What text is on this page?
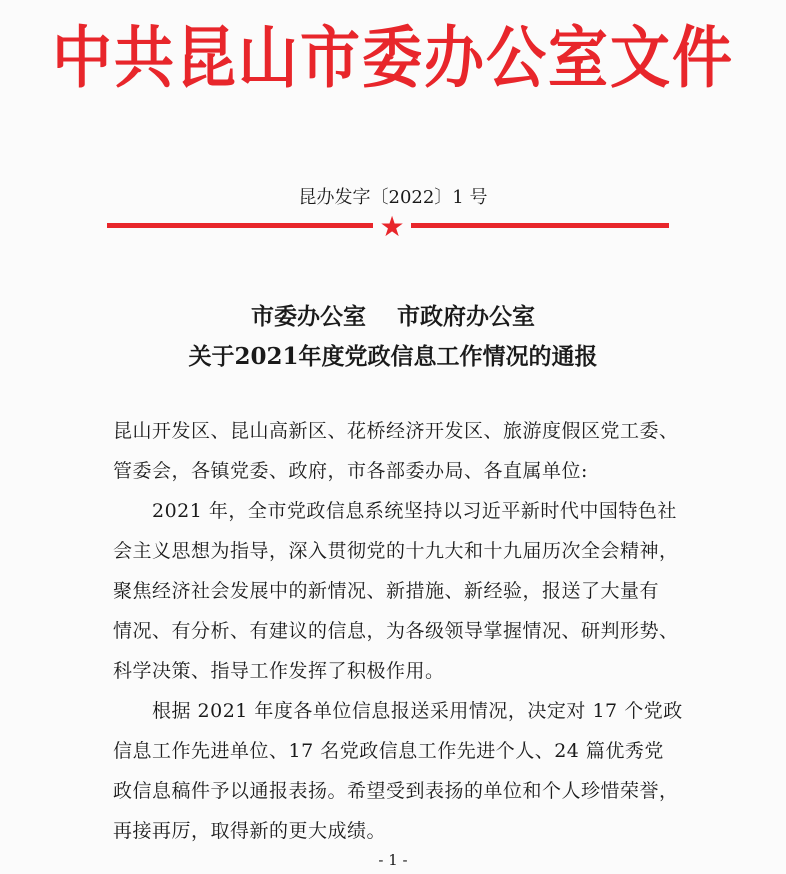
中共昆山市委办公室文件
昆办发字〔2022〕1 号
★
市委办公室　 市政府办公室
关于2021年度党政信息工作情况的通报
昆山开发区、昆山高新区、花桥经济开发区、旅游度假区党工委、
管委会，各镇党委、政府，市各部委办局、各直属单位:
　　2021 年，全市党政信息系统坚持以习近平新时代中国特色社
会主义思想为指导，深入贯彻党的十九大和十九届历次全会精神，
聚焦经济社会发展中的新情况、新措施、新经验，报送了大量有
情况、有分析、有建议的信息，为各级领导掌握情况、研判形势、
科学决策、指导工作发挥了积极作用。
　　根据 2021 年度各单位信息报送采用情况，决定对 17 个党政
信息工作先进单位、17 名党政信息工作先进个人、24 篇优秀党
政信息稿件予以通报表扬。希望受到表扬的单位和个人珍惜荣誉，
再接再厉，取得新的更大成绩。
- 1 -
